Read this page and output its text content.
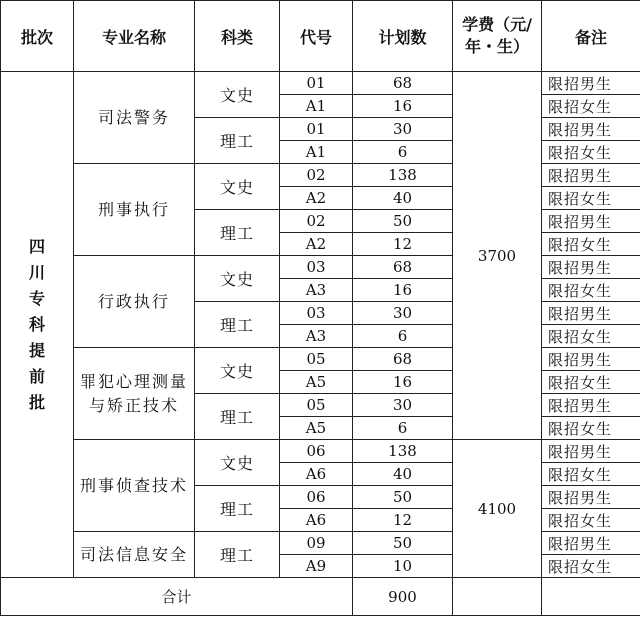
批次	专业名称	科类	代号	计划数	学费（元/年・生）	备注
四川专科提前批	司法警务	文史	01	68	3700	限招男生
			A1	16		限招女生
		理工	01	30		限招男生
			A1	6		限招女生
	刑事执行	文史	02	138		限招男生
			A2	40		限招女生
		理工	02	50		限招男生
			A2	12		限招女生
	行政执行	文史	03	68		限招男生
			A3	16		限招女生
		理工	03	30		限招男生
			A3	6		限招女生
	罪犯心理测量与矫正技术	文史	05	68		限招男生
			A5	16		限招女生
		理工	05	30		限招男生
			A5	6		限招女生
	刑事侦查技术	文史	06	138	4100	限招男生
			A6	40		限招女生
		理工	06	50		限招男生
			A6	12		限招女生
	司法信息安全	理工	09	50		限招男生
			A9	10		限招女生
合计				900		
